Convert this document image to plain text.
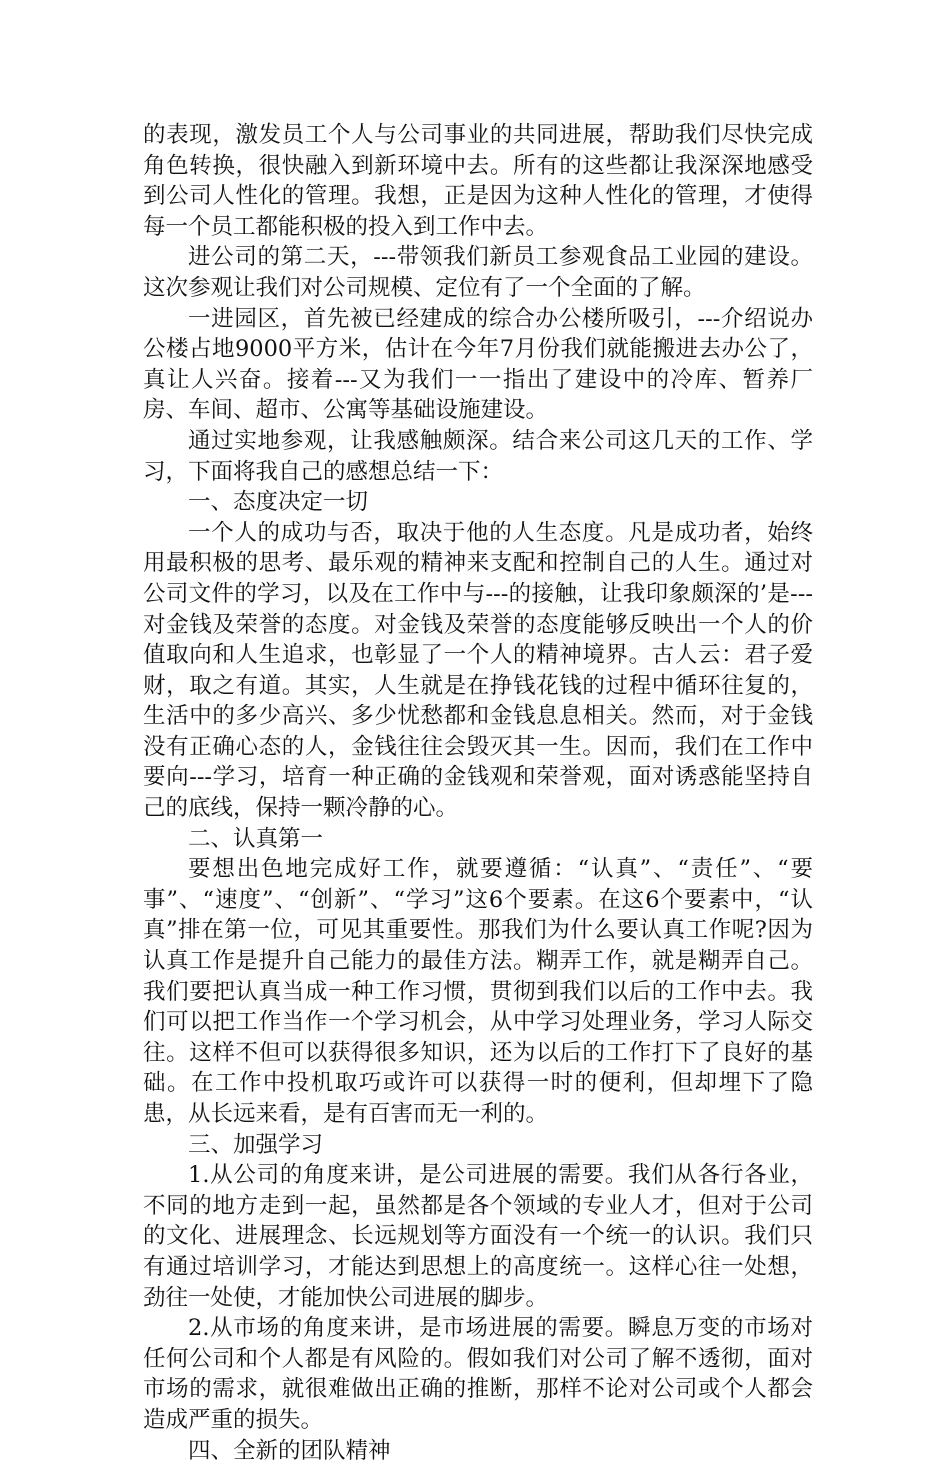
的表现，激发员工个人与公司事业的共同进展，帮助我们尽快完成角色转换，很快融入到新环境中去。所有的这些都让我深深地感受到公司人性化的管理。我想，正是因为这种人性化的管理，才使得每一个员工都能积极的投入到工作中去。

进公司的第二天，---带领我们新员工参观食品工业园的建设。这次参观让我们对公司规模、定位有了一个全面的了解。

一进园区，首先被已经建成的综合办公楼所吸引，---介绍说办公楼占地9000平方米，估计在今年7月份我们就能搬进去办公了，真让人兴奋。接着---又为我们一一指出了建设中的冷库、暂养厂房、车间、超市、公寓等基础设施建设。

通过实地参观，让我感触颇深。结合来公司这几天的工作、学习，下面将我自己的感想总结一下：

一、态度决定一切

一个人的成功与否，取决于他的人生态度。凡是成功者，始终用最积极的思考、最乐观的精神来支配和控制自己的人生。通过对公司文件的学习，以及在工作中与---的接触，让我印象颇深的’是---对金钱及荣誉的态度。对金钱及荣誉的态度能够反映出一个人的价值取向和人生追求，也彰显了一个人的精神境界。古人云：君子爱财，取之有道。其实，人生就是在挣钱花钱的过程中循环往复的，生活中的多少高兴、多少忧愁都和金钱息息相关。然而，对于金钱没有正确心态的人，金钱往往会毁灭其一生。因而，我们在工作中要向---学习，培育一种正确的金钱观和荣誉观，面对诱惑能坚持自己的底线，保持一颗冷静的心。

二、认真第一

要想出色地完成好工作，就要遵循：“认真”、“责任”、“要事”、“速度”、“创新”、“学习”这6个要素。在这6个要素中，“认真”排在第一位，可见其重要性。那我们为什么要认真工作呢?因为认真工作是提升自己能力的最佳方法。糊弄工作，就是糊弄自己。我们要把认真当成一种工作习惯，贯彻到我们以后的工作中去。我们可以把工作当作一个学习机会，从中学习处理业务，学习人际交往。这样不但可以获得很多知识，还为以后的工作打下了良好的基础。在工作中投机取巧或许可以获得一时的便利，但却埋下了隐患，从长远来看，是有百害而无一利的。

三、加强学习

1.从公司的角度来讲，是公司进展的需要。我们从各行各业，不同的地方走到一起，虽然都是各个领域的专业人才，但对于公司的文化、进展理念、长远规划等方面没有一个统一的认识。我们只有通过培训学习，才能达到思想上的高度统一。这样心往一处想，劲往一处使，才能加快公司进展的脚步。

2.从市场的角度来讲，是市场进展的需要。瞬息万变的市场对任何公司和个人都是有风险的。假如我们对公司了解不透彻，面对市场的需求，就很难做出正确的推断，那样不论对公司或个人都会造成严重的损失。

四、全新的团队精神
